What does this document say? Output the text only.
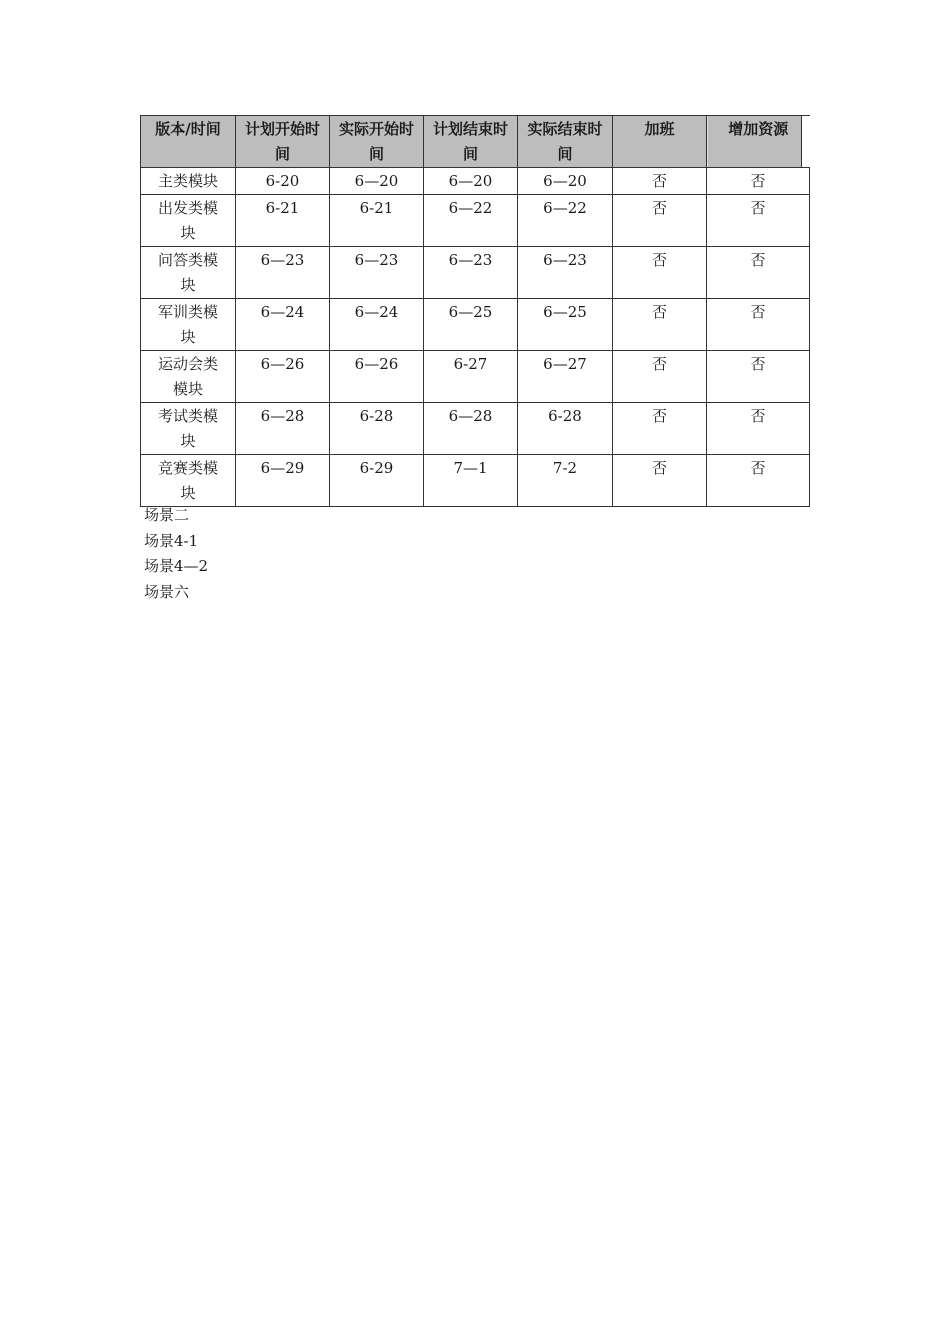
版本/时间	计划开始时间	实际开始时间	计划结束时间	实际结束时间	加班	增加资源
主类模块	6-20	6—20	6—20	6—20	否	否
出发类模块	6-21	6-21	6—22	6—22	否	否
问答类模块	6—23	6—23	6—23	6—23	否	否
军训类模块	6—24	6—24	6—25	6—25	否	否
运动会类模块	6—26	6—26	6-27	6—27	否	否
考试类模块	6—28	6-28	6—28	6-28	否	否
竞赛类模块	6—29	6-29	7—1	7-2	否	否
场景二
场景4-1
场景4—2
场景六
